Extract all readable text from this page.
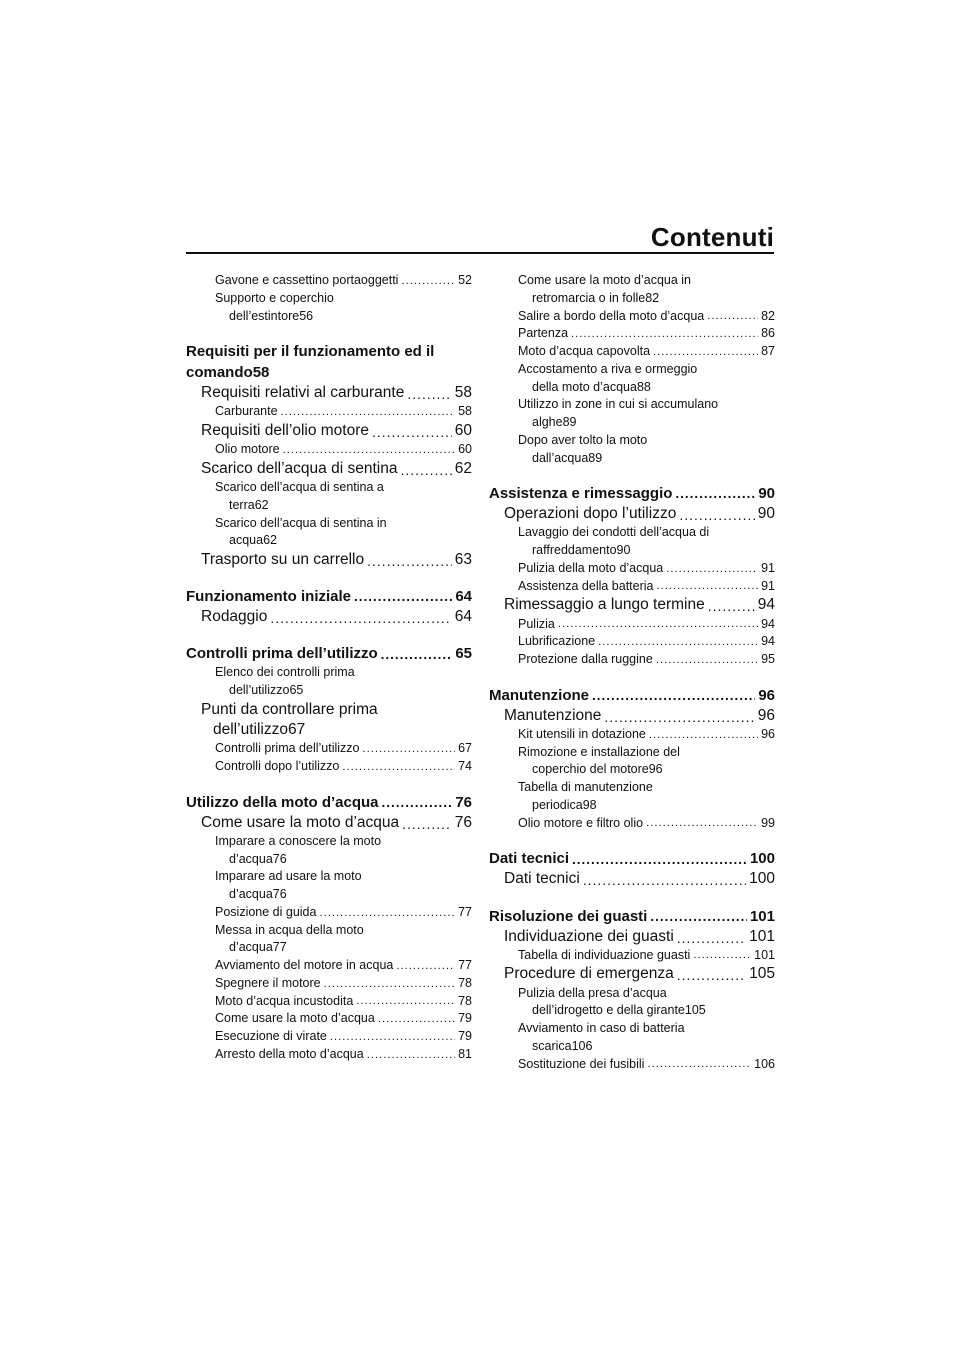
Contenuti
Gavone e cassettino portaoggetti .....	52
Supporto e coperchio
dell’estintore 56
Requisiti per il funzionamento ed il
comando 58
Requisiti relativi al carburante .....	58
Carburante .....	58
Requisiti dell’olio motore .....	60
Olio motore .....	60
Scarico dell’acqua di sentina .....	62
Scarico dell’acqua di sentina a
terra 62
Scarico dell’acqua di sentina in
acqua 62
Trasporto su un carrello .....	63
Funzionamento iniziale .....	64
Rodaggio .....	64
Controlli prima dell’utilizzo .....	65
Elenco dei controlli prima
dell’utilizzo 65
Punti da controllare prima
dell’utilizzo 67
Controlli prima dell’utilizzo .....	67
Controlli dopo l’utilizzo .....	74
Utilizzo della moto d’acqua .....	76
Come usare la moto d’acqua .....	76
Imparare a conoscere la moto
d’acqua 76
Imparare ad usare la moto
d’acqua 76
Posizione di guida .....	77
Messa in acqua della moto
d’acqua 77
Avviamento del motore in acqua .....	77
Spegnere il motore .....	78
Moto d’acqua incustodita .....	78
Come usare la moto d’acqua .....	79
Esecuzione di virate .....	79
Arresto della moto d’acqua .....	81
Come usare la moto d’acqua in
retromarcia o in folle 82
Salire a bordo della moto d’acqua .....	82
Partenza .....	86
Moto d’acqua capovolta .....	87
Accostamento a riva e ormeggio
della moto d’acqua 88
Utilizzo in zone in cui si accumulano
alghe 89
Dopo aver tolto la moto
dall’acqua 89
Assistenza e rimessaggio .....	90
Operazioni dopo l’utilizzo .....	90
Lavaggio dei condotti dell’acqua di
raffreddamento 90
Pulizia della moto d’acqua .....	91
Assistenza della batteria .....	91
Rimessaggio a lungo termine .....	94
Pulizia .....	94
Lubrificazione .....	94
Protezione dalla ruggine .....	95
Manutenzione .....	96
Manutenzione .....	96
Kit utensili in dotazione .....	96
Rimozione e installazione del
coperchio del motore 96
Tabella di manutenzione
periodica 98
Olio motore e filtro olio .....	99
Dati tecnici .....	100
Dati tecnici .....	100
Risoluzione dei guasti .....	101
Individuazione dei guasti .....	101
Tabella di individuazione guasti .....	101
Procedure di emergenza .....	105
Pulizia della presa d’acqua
dell’idrogetto e della girante 105
Avviamento in caso di batteria
scarica 106
Sostituzione dei fusibili .....	106
